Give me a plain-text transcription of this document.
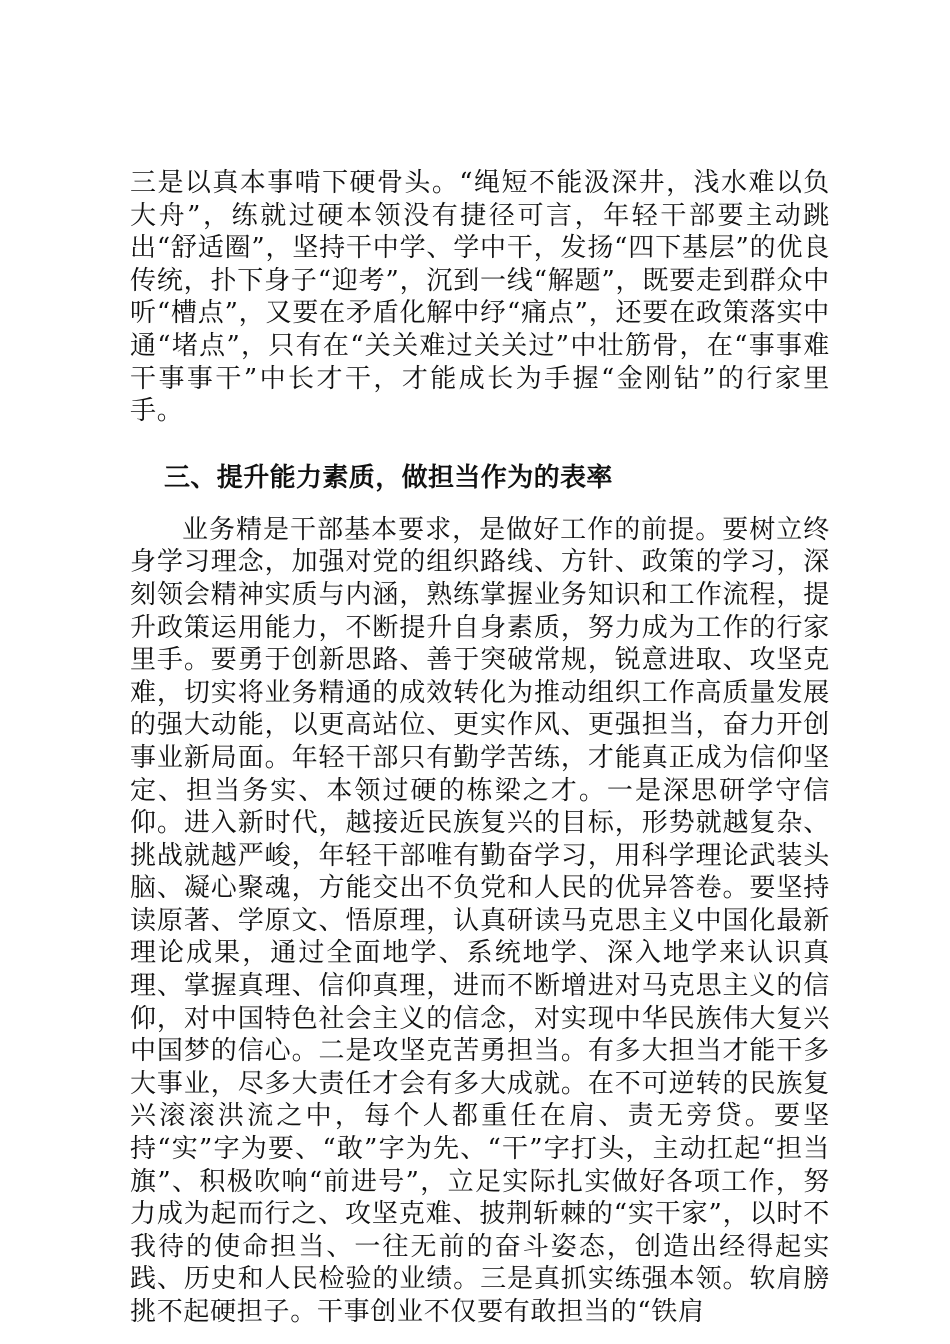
三是以真本事啃下硬骨头。“绳短不能汲深井，浅水难以负大舟”，练就过硬本领没有捷径可言，年轻干部要主动跳出“舒适圈”，坚持干中学、学中干，发扬“四下基层”的优良传统，扑下身子“迎考”，沉到一线“解题”，既要走到群众中听“槽点”，又要在矛盾化解中纾“痛点”，还要在政策落实中通“堵点”，只有在“关关难过关关过”中壮筋骨，在“事事难干事事干”中长才干，才能成长为手握“金刚钻”的行家里手。

三、提升能力素质，做担当作为的表率

业务精是干部基本要求，是做好工作的前提。要树立终身学习理念，加强对党的组织路线、方针、政策的学习，深刻领会精神实质与内涵，熟练掌握业务知识和工作流程，提升政策运用能力，不断提升自身素质，努力成为工作的行家里手。要勇于创新思路、善于突破常规，锐意进取、攻坚克难，切实将业务精通的成效转化为推动组织工作高质量发展的强大动能，以更高站位、更实作风、更强担当，奋力开创事业新局面。年轻干部只有勤学苦练，才能真正成为信仰坚定、担当务实、本领过硬的栋梁之才。一是深思研学守信仰。进入新时代，越接近民族复兴的目标，形势就越复杂、挑战就越严峻，年轻干部唯有勤奋学习，用科学理论武装头脑、凝心聚魂，方能交出不负党和人民的优异答卷。要坚持读原著、学原文、悟原理，认真研读马克思主义中国化最新理论成果，通过全面地学、系统地学、深入地学来认识真理、掌握真理、信仰真理，进而不断增进对马克思主义的信仰，对中国特色社会主义的信念，对实现中华民族伟大复兴中国梦的信心。二是攻坚克苦勇担当。有多大担当才能干多大事业，尽多大责任才会有多大成就。在不可逆转的民族复兴滚滚洪流之中，每个人都重任在肩、责无旁贷。要坚持“实”字为要、“敢”字为先、“干”字打头，主动扛起“担当旗”、积极吹响“前进号”，立足实际扎实做好各项工作，努力成为起而行之、攻坚克难、披荆斩棘的“实干家”，以时不我待的使命担当、一往无前的奋斗姿态，创造出经得起实践、历史和人民检验的业绩。三是真抓实练强本领。软肩膀挑不起硬担子。干事创业不仅要有敢担当的“铁肩
